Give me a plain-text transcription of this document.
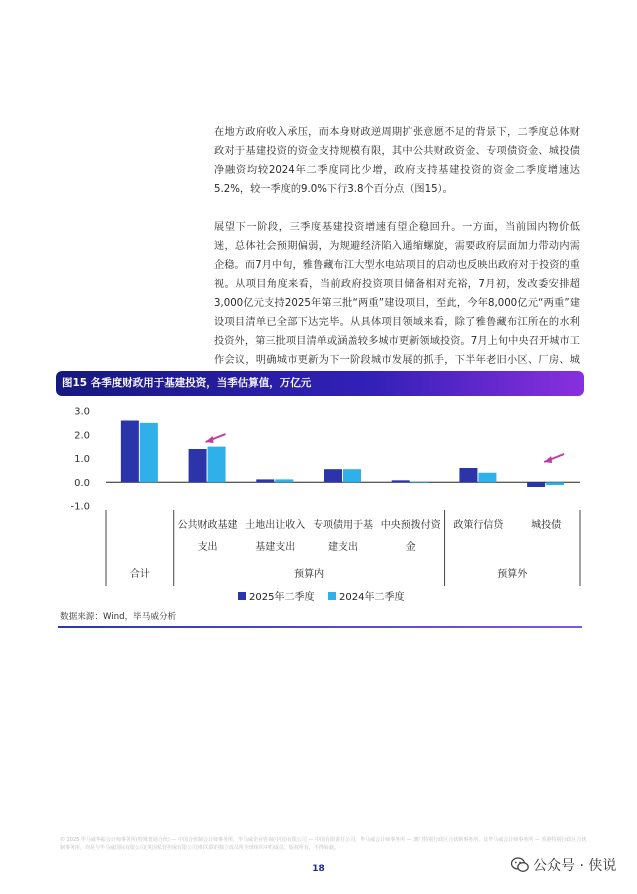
在地方政府收入承压，而本身财政逆周期扩张意愿不足的背景下，二季度总体财政对于基建投资的资金支持规模有限，其中公共财政资金、专项债资金、城投债净融资均较2024年二季度同比少增，政府支持基建投资的资金二季度增速达5.2%，较一季度的9.0%下行3.8个百分点（图15）。

展望下一阶段，三季度基建投资增速有望企稳回升。一方面，当前国内物价低迷，总体社会预期偏弱，为规避经济陷入通缩螺旋，需要政府层面加力带动内需企稳。而7月中旬，雅鲁藏布江大型水电站项目的启动也反映出政府对于投资的重视。从项目角度来看，当前政府投资项目储备相对充裕，7月初，发改委安排超3,000亿元支持2025年第三批“两重”建设项目，至此，今年8,000亿元“两重”建设项目清单已全部下达完毕。从具体项目领域来看，除了雅鲁藏布江所在的水利投资外，第三批项目清单或涵盖较多城市更新领域投资。7月上旬中央召开城市工作会议，明确城市更新为下一阶段城市发展的抓手，下半年老旧小区、厂房、城

图15 各季度财政用于基建投资，当季估算值，万亿元
3.0
2.0
1.0
0.0
-1.0
合计
公共财政基建
支出
土地出让收入
基建支出
专项债用于基
建支出
中央预拨付资
金
政策行信贷	城投债
预算内	预算外
2025年二季度 2024年二季度
数据来源：Wind，毕马威分析
© 2025 毕马威华振会计师事务所(特殊普通合伙) — 中国合伙制会计师事务所，毕马威企业咨询(中国)有限公司 — 中国有限责任公司，毕马威会计师事务所 — 澳门特别行政区合伙制事务所，及毕马威会计师事务所 — 香港特别行政区合伙制事务所，均是与毕马威国际有限公司(英国私营担保有限公司)相关联的独立成员所全球组织中的成员。版权所有，不得转载。
18	公众号 · 侠说
